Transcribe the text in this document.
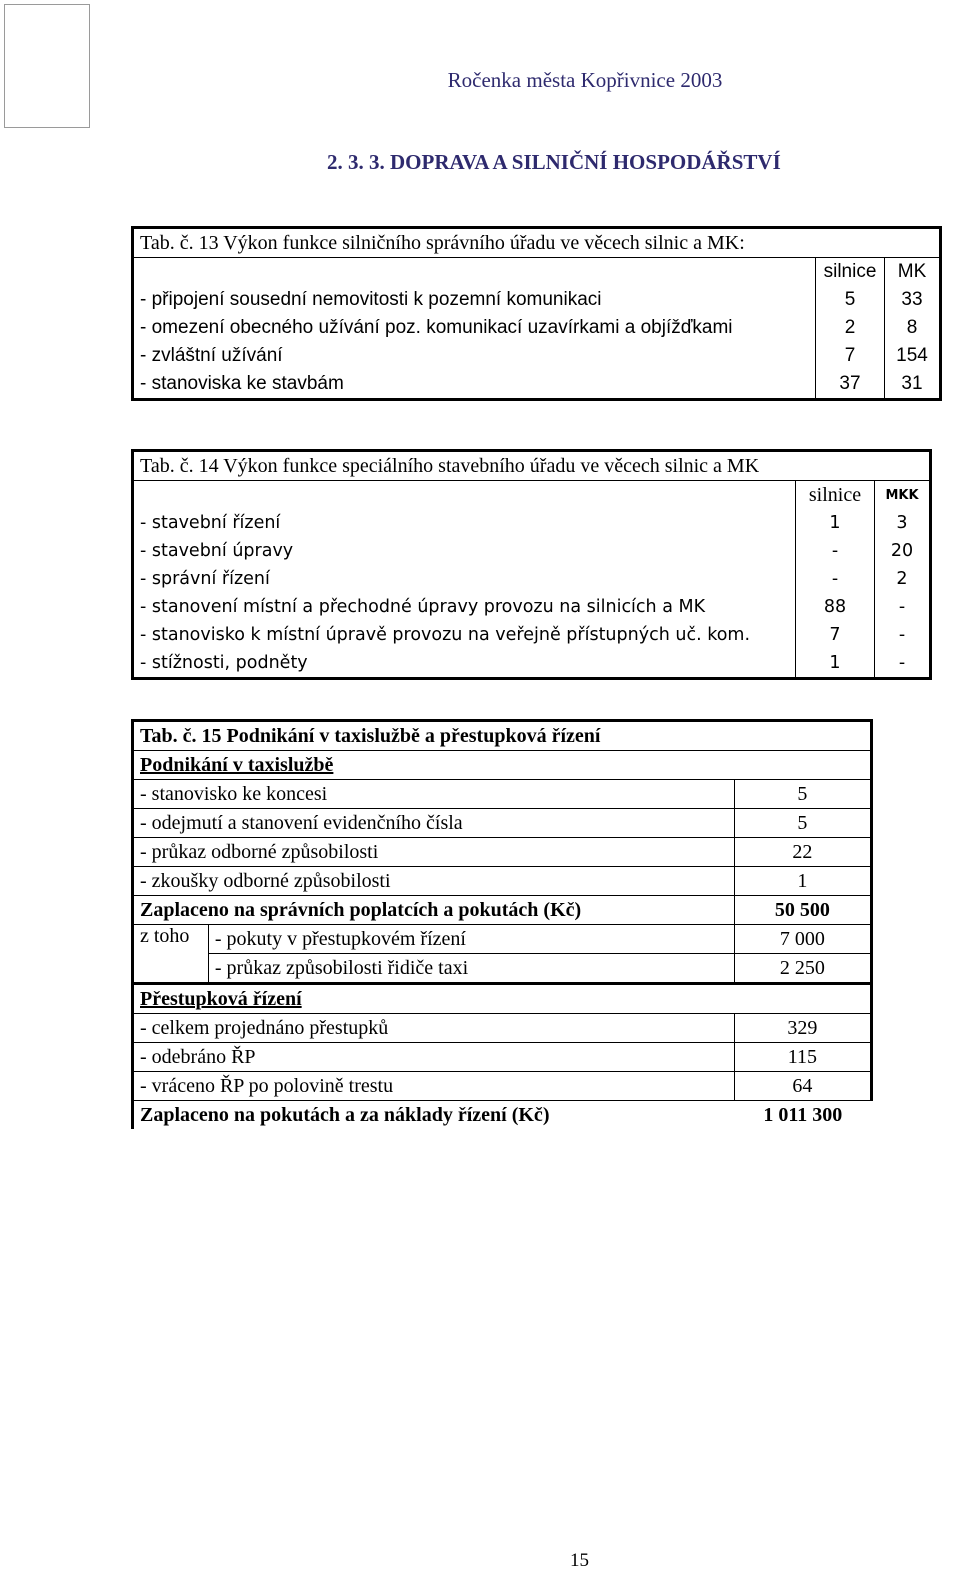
Ročenka města Kopřivnice 2003
2. 3. 3. DOPRAVA A SILNIČNÍ HOSPODÁŘSTVÍ
Tab. č. 13 Výkon funkce silničního správního úřadu ve věcech silnic a MK:		
	silnice	MK
- připojení sousední nemovitosti k pozemní komunikaci	5	33
- omezení obecného užívání poz. komunikací uzavírkami a objížďkami	2	8
- zvláštní užívání	7	154
- stanoviska ke stavbám	37	31
Tab. č. 14 Výkon funkce speciálního stavebního úřadu ve věcech silnic a MK		
	silnice	MKK
- stavební řízení	1	3
- stavební úpravy	-	20
- správní řízení	-	2
- stanovení místní a přechodné úpravy provozu na silnicích a MK	88	-
- stanovisko k místní úpravě provozu na veřejně přístupných uč. kom.	7	-
- stížnosti, podněty	1	-
Tab. č. 15 Podnikání v taxislužbě a přestupková řízení		
Podnikání v taxislužbě		
- stanovisko ke koncesi		5
- odejmutí a stanovení evidenčního čísla		5
- průkaz odborné způsobilosti		22
- zkoušky odborné způsobilosti		1
Zaplaceno na správních poplatcích a pokutách (Kč)		50 500
z toho	- pokuty v přestupkovém řízení	7 000
	- průkaz způsobilosti řidiče taxi	2 250
Přestupková řízení		
- celkem projednáno přestupků		329
- odebráno ŘP		115
- vráceno ŘP po polovině trestu		64
Zaplaceno na pokutách a za náklady řízení (Kč)		1 011 300
15
